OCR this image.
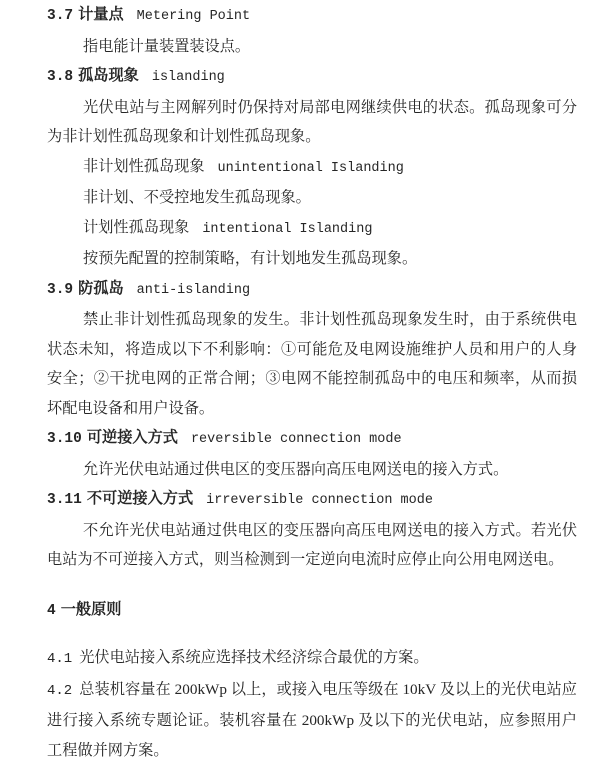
3.7 计量点 Metering Point

指电能计量装置装设点。

3.8 孤岛现象 islanding

光伏电站与主网解列时仍保持对局部电网继续供电的状态。孤岛现象可分为非计划性孤岛现象和计划性孤岛现象。

非计划性孤岛现象 unintentional Islanding

非计划、不受控地发生孤岛现象。

计划性孤岛现象 intentional Islanding

按预先配置的控制策略，有计划地发生孤岛现象。

3.9 防孤岛 anti-islanding

禁止非计划性孤岛现象的发生。非计划性孤岛现象发生时，由于系统供电状态未知，将造成以下不利影响：①可能危及电网设施维护人员和用户的人身安全；②干扰电网的正常合闸；③电网不能控制孤岛中的电压和频率，从而损坏配电设备和用户设备。

3.10 可逆接入方式 reversible connection mode

允许光伏电站通过供电区的变压器向高压电网送电的接入方式。

3.11 不可逆接入方式 irreversible connection mode

不允许光伏电站通过供电区的变压器向高压电网送电的接入方式。若光伏电站为不可逆接入方式，则当检测到一定逆向电流时应停止向公用电网送电。

4 一般原则

4.1 光伏电站接入系统应选择技术经济综合最优的方案。

4.2 总装机容量在 200kWp 以上，或接入电压等级在 10kV 及以上的光伏电站应进行接入系统专题论证。装机容量在 200kWp 及以下的光伏电站，应参照用户工程做并网方案。
